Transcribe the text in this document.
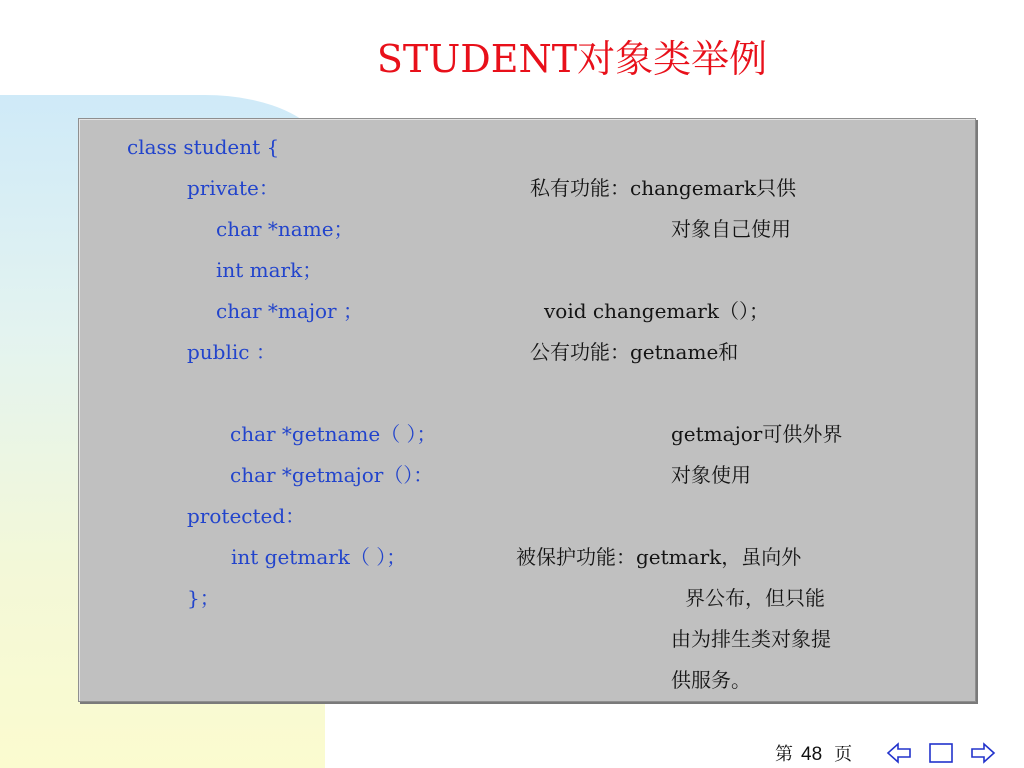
STUDENT对象类举例
class student {
private：
char *name；
int mark；
char *major ；
public ：
char *getname（ ）；
char *getmajor（）：
protected：
int getmark（ ）；
}；
私有功能：changemark只供
对象自己使用
void changemark（）；
公有功能：getname和
getmajor可供外界
对象使用
被保护功能：getmark，虽向外
界公布，但只能
由为排生类对象提
供服务。
第 48 页
